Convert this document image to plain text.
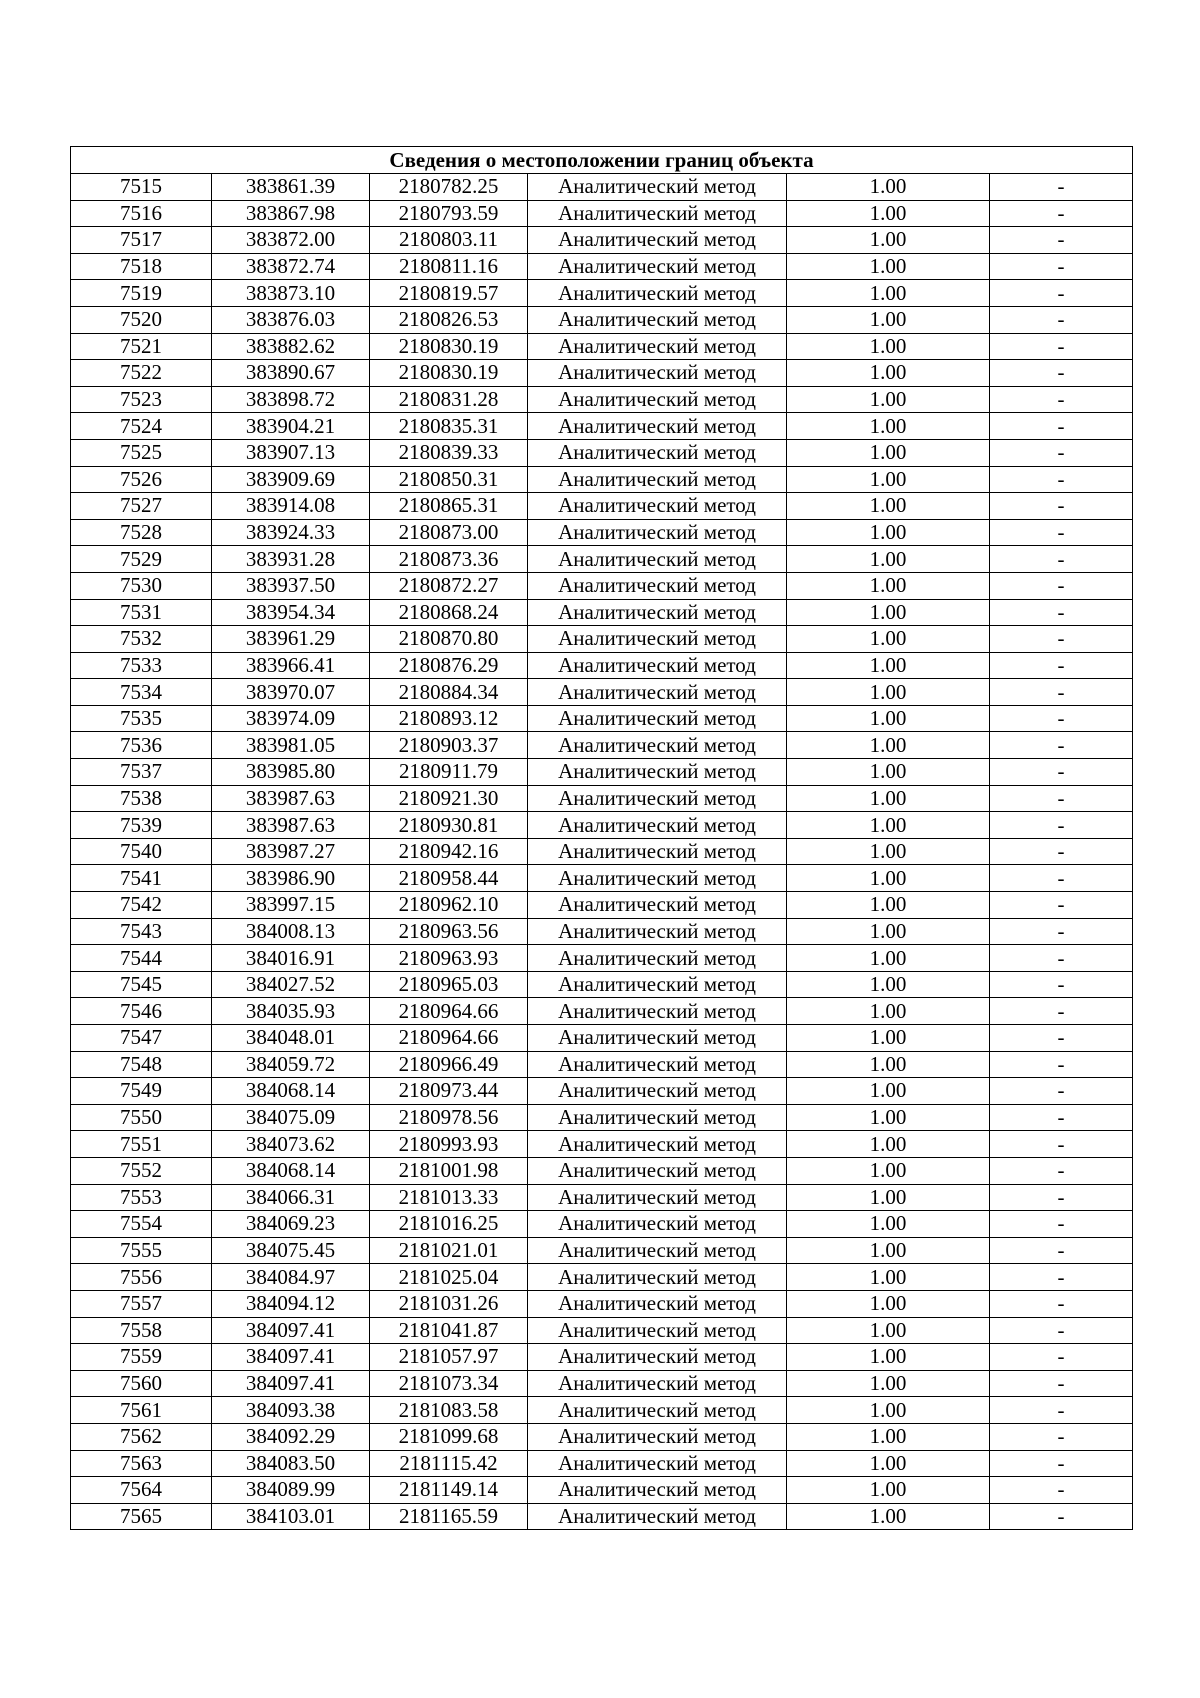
Сведения о местоположении границ объекта					
7515	383861.39	2180782.25	Аналитический метод	1.00	-
7516	383867.98	2180793.59	Аналитический метод	1.00	-
7517	383872.00	2180803.11	Аналитический метод	1.00	-
7518	383872.74	2180811.16	Аналитический метод	1.00	-
7519	383873.10	2180819.57	Аналитический метод	1.00	-
7520	383876.03	2180826.53	Аналитический метод	1.00	-
7521	383882.62	2180830.19	Аналитический метод	1.00	-
7522	383890.67	2180830.19	Аналитический метод	1.00	-
7523	383898.72	2180831.28	Аналитический метод	1.00	-
7524	383904.21	2180835.31	Аналитический метод	1.00	-
7525	383907.13	2180839.33	Аналитический метод	1.00	-
7526	383909.69	2180850.31	Аналитический метод	1.00	-
7527	383914.08	2180865.31	Аналитический метод	1.00	-
7528	383924.33	2180873.00	Аналитический метод	1.00	-
7529	383931.28	2180873.36	Аналитический метод	1.00	-
7530	383937.50	2180872.27	Аналитический метод	1.00	-
7531	383954.34	2180868.24	Аналитический метод	1.00	-
7532	383961.29	2180870.80	Аналитический метод	1.00	-
7533	383966.41	2180876.29	Аналитический метод	1.00	-
7534	383970.07	2180884.34	Аналитический метод	1.00	-
7535	383974.09	2180893.12	Аналитический метод	1.00	-
7536	383981.05	2180903.37	Аналитический метод	1.00	-
7537	383985.80	2180911.79	Аналитический метод	1.00	-
7538	383987.63	2180921.30	Аналитический метод	1.00	-
7539	383987.63	2180930.81	Аналитический метод	1.00	-
7540	383987.27	2180942.16	Аналитический метод	1.00	-
7541	383986.90	2180958.44	Аналитический метод	1.00	-
7542	383997.15	2180962.10	Аналитический метод	1.00	-
7543	384008.13	2180963.56	Аналитический метод	1.00	-
7544	384016.91	2180963.93	Аналитический метод	1.00	-
7545	384027.52	2180965.03	Аналитический метод	1.00	-
7546	384035.93	2180964.66	Аналитический метод	1.00	-
7547	384048.01	2180964.66	Аналитический метод	1.00	-
7548	384059.72	2180966.49	Аналитический метод	1.00	-
7549	384068.14	2180973.44	Аналитический метод	1.00	-
7550	384075.09	2180978.56	Аналитический метод	1.00	-
7551	384073.62	2180993.93	Аналитический метод	1.00	-
7552	384068.14	2181001.98	Аналитический метод	1.00	-
7553	384066.31	2181013.33	Аналитический метод	1.00	-
7554	384069.23	2181016.25	Аналитический метод	1.00	-
7555	384075.45	2181021.01	Аналитический метод	1.00	-
7556	384084.97	2181025.04	Аналитический метод	1.00	-
7557	384094.12	2181031.26	Аналитический метод	1.00	-
7558	384097.41	2181041.87	Аналитический метод	1.00	-
7559	384097.41	2181057.97	Аналитический метод	1.00	-
7560	384097.41	2181073.34	Аналитический метод	1.00	-
7561	384093.38	2181083.58	Аналитический метод	1.00	-
7562	384092.29	2181099.68	Аналитический метод	1.00	-
7563	384083.50	2181115.42	Аналитический метод	1.00	-
7564	384089.99	2181149.14	Аналитический метод	1.00	-
7565	384103.01	2181165.59	Аналитический метод	1.00	-
